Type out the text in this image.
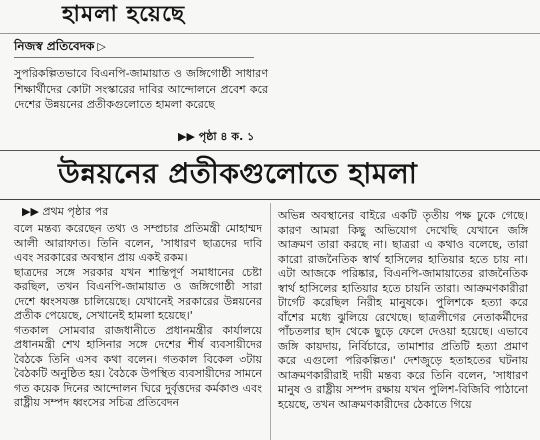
হামলা হয়েছে
নিজস্ব প্রতিবেদক ▷
সুপরিকল্পিতভাবে বিএনপি-জামায়াত ও জঙ্গিগোষ্ঠী সাধারণ শিক্ষার্থীদের কোটা সংস্কারের দাবির আন্দোলনে প্রবেশ করে দেশের উন্নয়নের প্রতীকগুলোতে হামলা করেছে
▶▶ পৃষ্ঠা ৪ ক. ১
উন্নয়নের প্রতীকগুলোতে হামলা
▶▶ প্রথম পৃষ্ঠার পর

বলে মন্তব্য করেছেন তথ্য ও সম্প্রচার প্রতিমন্ত্রী মোহাম্মদ আলী আরাফাত। তিনি বলেন, 'সাধারণ ছাত্রদের দাবি এবং সরকারের অবস্থান প্রায় একই রকম।

ছাত্রদের সঙ্গে সরকার যখন শান্তিপূর্ণ সমাধানের চেষ্টা করছিল, তখন বিএনপি-জামায়াত ও জঙ্গিগোষ্ঠী সারা দেশে ধ্বংসযজ্ঞ চালিয়েছে। যেখানেই সরকারের উন্নয়নের প্রতীক পেয়েছে, সেখানেই হামলা হয়েছে।'

গতকাল সোমবার রাজধানীতে প্রধানমন্ত্রীর কার্যালয়ে প্রধানমন্ত্রী শেখ হাসিনার সঙ্গে দেশের শীর্ষ ব্যবসায়ীদের বৈঠকে তিনি এসব কথা বলেন। গতকাল বিকেল ৩টায় বৈঠকটি অনুষ্ঠিত হয়। বৈঠকে উপস্থিত ব্যবসায়ীদের সামনে গত কয়েক দিনের আন্দোলন ঘিরে দুর্বৃত্তদের কর্মকাণ্ড এবং রাষ্ট্রীয় সম্পদ ধ্বংসের সচিত্র প্রতিবেদন

অভিন্ন অবস্থানের বাইরে একটি তৃতীয় পক্ষ ঢুকে গেছে। কারণ আমরা কিছু অভিযোগ দেখেছি যেখানে জঙ্গি আক্রমণ তারা করছে না। ছাত্ররা এ কথাও বলেছে, তারা কারো রাজনৈতিক স্বার্থ হাসিলের হাতিয়ার হতে চায় না। এটা আজকে পরিষ্কার, বিএনপি-জামায়াতের রাজনৈতিক স্বার্থ হাসিলের হাতিয়ার হতে চায়নি তারা। আক্রমণকারীরা টার্গেট করেছিল নিরীহ মানুষকে। পুলিশকে হত্যা করে বাঁশের মধ্যে ঝুলিয়ে রেখেছে। ছাত্রলীগের নেতাকর্মীদের পাঁচতলার ছাদ থেকে ছুড়ে ফেলে দেওয়া হয়েছে। এভাবে জঙ্গি কায়দায়, নির্বিচারে, তামাশার প্রতিটি হত্যা প্রমাণ করে এগুলো পরিকল্পিত।' দেশজুড়ে হতাহতের ঘটনায় আক্রমণকারীরাই দায়ী মন্তব্য করে তিনি বলেন, 'সাধারণ মানুষ ও রাষ্ট্রীয় সম্পদ রক্ষায় যখন পুলিশ-বিজিবি পাঠানো হয়েছে, তখন আক্রমণকারীদের ঠেকাতে গিয়ে
